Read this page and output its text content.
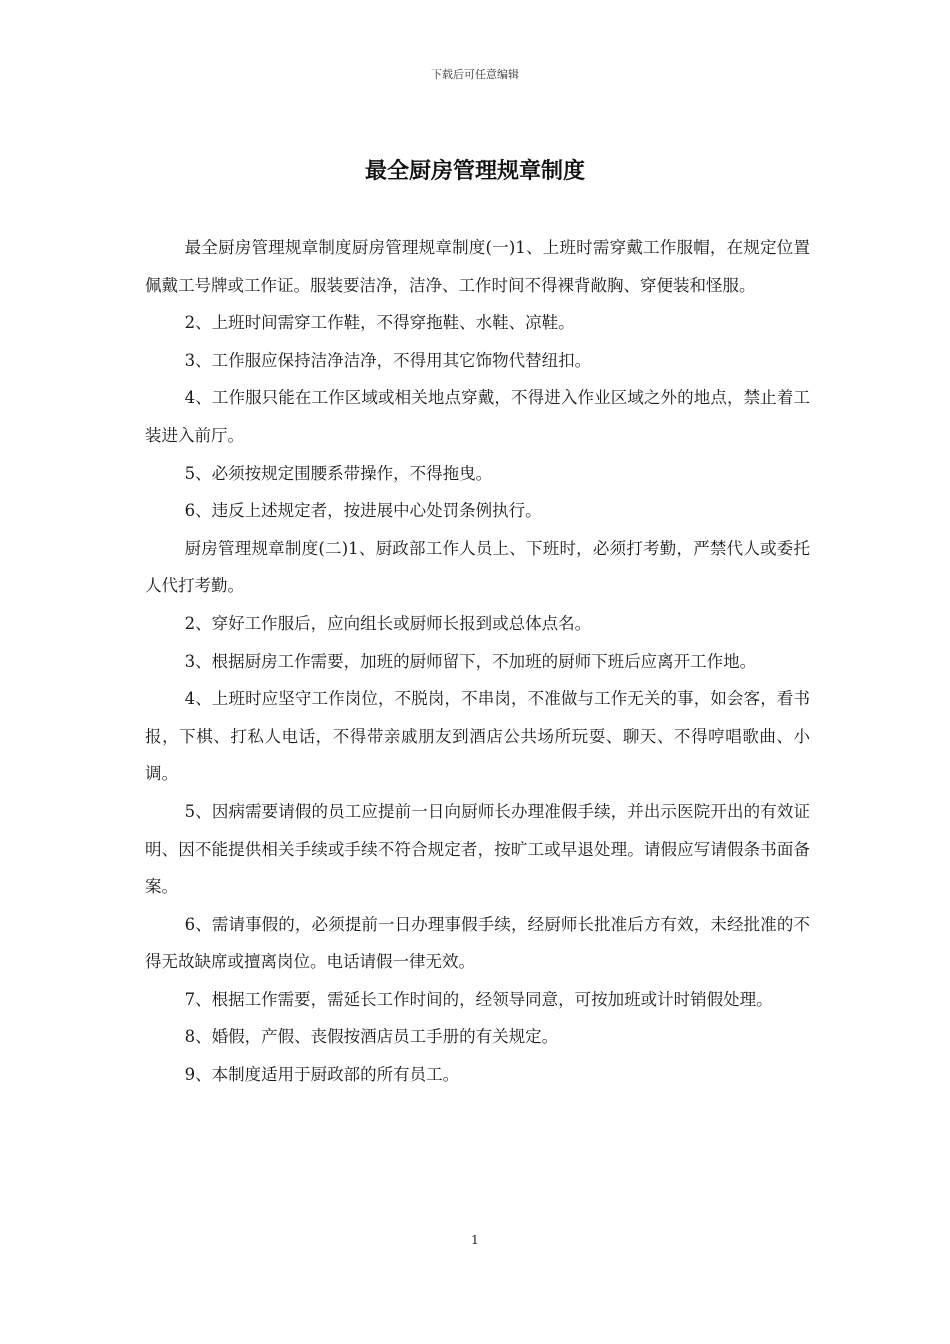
下载后可任意编辑
最全厨房管理规章制度

最全厨房管理规章制度厨房管理规章制度(一)1、上班时需穿戴工作服帽，在规定位置佩戴工号牌或工作证。服装要洁净，洁净、工作时间不得裸背敞胸、穿便装和怪服。

2、上班时间需穿工作鞋，不得穿拖鞋、水鞋、凉鞋。

3、工作服应保持洁净洁净，不得用其它饰物代替纽扣。

4、工作服只能在工作区域或相关地点穿戴，不得进入作业区域之外的地点，禁止着工装进入前厅。

5、必须按规定围腰系带操作，不得拖曳。

6、违反上述规定者，按进展中心处罚条例执行。

厨房管理规章制度(二)1、厨政部工作人员上、下班时，必须打考勤，严禁代人或委托人代打考勤。

2、穿好工作服后，应向组长或厨师长报到或总体点名。

3、根据厨房工作需要，加班的厨师留下，不加班的厨师下班后应离开工作地。

4、上班时应坚守工作岗位，不脱岗，不串岗，不准做与工作无关的事，如会客，看书报，下棋、打私人电话，不得带亲戚朋友到酒店公共场所玩耍、聊天、不得哼唱歌曲、小调。

5、因病需要请假的员工应提前一日向厨师长办理准假手续，并出示医院开出的有效证明、因不能提供相关手续或手续不符合规定者，按旷工或早退处理。请假应写请假条书面备案。

6、需请事假的，必须提前一日办理事假手续，经厨师长批准后方有效，未经批准的不得无故缺席或擅离岗位。电话请假一律无效。

7、根据工作需要，需延长工作时间的，经领导同意，可按加班或计时销假处理。

8、婚假，产假、丧假按酒店员工手册的有关规定。

9、本制度适用于厨政部的所有员工。

1
